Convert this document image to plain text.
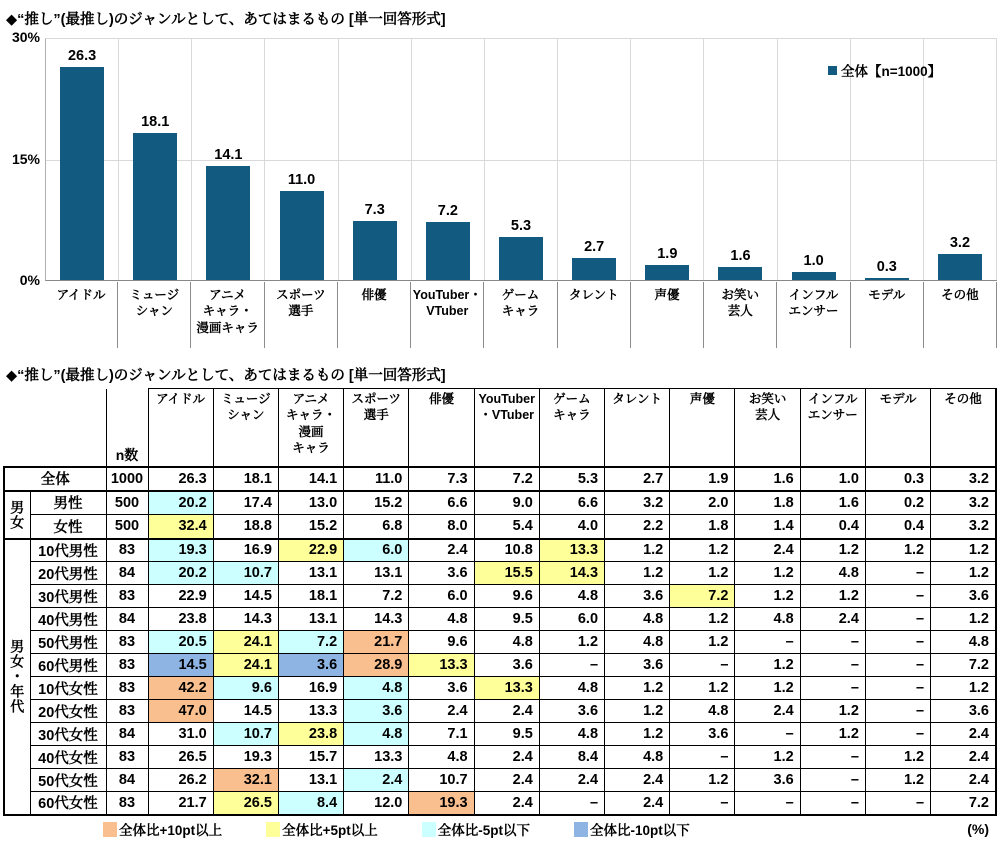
◆“推し”(最推し)のジャンルとして、あてはまるもの [単一回答形式]
30%
15%
0%
26.3
18.1
14.1
11.0
7.3	7.2
5.3
2.7	1.9	1.6	1.0	0.3
3.2
全体【n=1000】
アイドル	ミュージ
シャン
アニメ
キャラ・
漫画キャラ
スポーツ
選手
俳優	YouTuber・
VTuber
ゲーム
キャラ
タレント	声優	お笑い
芸人
インフル
エンサー
モデル	その他
◆“推し”(最推し)のジャンルとして、あてはまるもの [単一回答形式]
		n数	アイドル	ミュージ
シャン	アニメ
キャラ・
漫画
キャラ	スポーツ
選手	俳優	YouTuber
・VTuber	ゲーム
キャラ	タレント	声優	お笑い
芸人	インフル
エンサー	モデル	その他
全体		1000	26.3	18.1	14.1	11.0	7.3	7.2	5.3	2.7	1.9	1.6	1.0	0.3	3.2
男女	男性	500	20.2	17.4	13.0	15.2	6.6	9.0	6.6	3.2	2.0	1.8	1.6	0.2	3.2
	女性	500	32.4	18.8	15.2	6.8	8.0	5.4	4.0	2.2	1.8	1.4	0.4	0.4	3.2
男女・年代	10代男性	83	19.3	16.9	22.9	6.0	2.4	10.8	13.3	1.2	1.2	2.4	1.2	1.2	1.2
	20代男性	84	20.2	10.7	13.1	13.1	3.6	15.5	14.3	1.2	1.2	1.2	4.8	–	1.2
	30代男性	83	22.9	14.5	18.1	7.2	6.0	9.6	4.8	3.6	7.2	1.2	1.2	–	3.6
	40代男性	84	23.8	14.3	13.1	14.3	4.8	9.5	6.0	4.8	1.2	4.8	2.4	–	1.2
	50代男性	83	20.5	24.1	7.2	21.7	9.6	4.8	1.2	4.8	1.2	–	–	–	4.8
	60代男性	83	14.5	24.1	3.6	28.9	13.3	3.6	–	3.6	–	1.2	–	–	7.2
	10代女性	83	42.2	9.6	16.9	4.8	3.6	13.3	4.8	1.2	1.2	1.2	–	–	1.2
	20代女性	83	47.0	14.5	13.3	3.6	2.4	2.4	3.6	1.2	4.8	2.4	1.2	–	3.6
	30代女性	84	31.0	10.7	23.8	4.8	7.1	9.5	4.8	1.2	3.6	–	1.2	–	2.4
	40代女性	83	26.5	19.3	15.7	13.3	4.8	2.4	8.4	4.8	–	1.2	–	1.2	2.4
	50代女性	84	26.2	32.1	13.1	2.4	10.7	2.4	2.4	2.4	1.2	3.6	–	1.2	2.4
	60代女性	83	21.7	26.5	8.4	12.0	19.3	2.4	–	2.4	–	–	–	–	7.2
全体比+10pt以上	全体比+5pt以上	全体比-5pt以下	全体比-10pt以下	(%)
